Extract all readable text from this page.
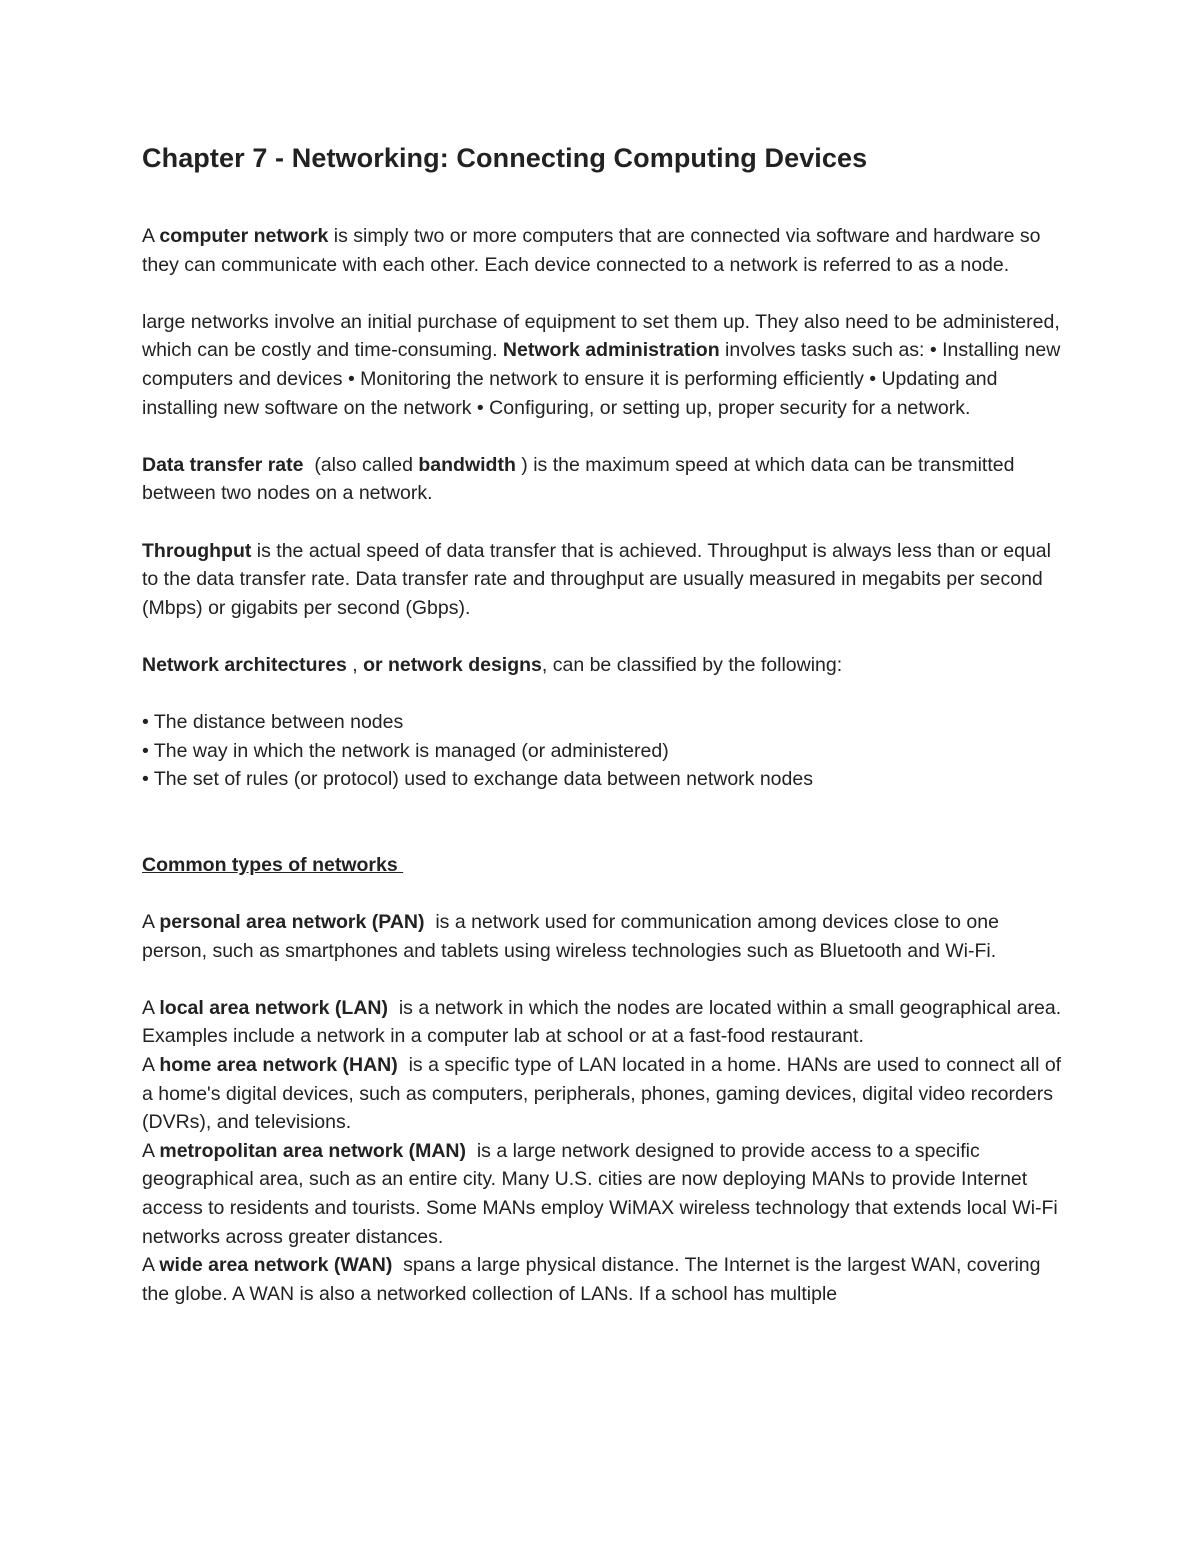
Chapter 7 - Networking: Connecting Computing Devices
A computer network is simply two or more computers that are connected via software and hardware so they can communicate with each other. Each device connected to a network is referred to as a node.
large networks involve an initial purchase of equipment to set them up. They also need to be administered, which can be costly and time-consuming. Network administration involves tasks such as: • Installing new computers and devices • Monitoring the network to ensure it is performing efficiently • Updating and installing new software on the network • Configuring, or setting up, proper security for a network.
Data transfer rate  (also called bandwidth ) is the maximum speed at which data can be transmitted between two nodes on a network.
Throughput is the actual speed of data transfer that is achieved. Throughput is always less than or equal to the data transfer rate. Data transfer rate and throughput are usually measured in megabits per second (Mbps) or gigabits per second (Gbps).
Network architectures , or network designs, can be classified by the following:
• The distance between nodes
• The way in which the network is managed (or administered)
• The set of rules (or protocol) used to exchange data between network nodes
Common types of networks
A personal area network (PAN)  is a network used for communication among devices close to one person, such as smartphones and tablets using wireless technologies such as Bluetooth and Wi-Fi.
A local area network (LAN)  is a network in which the nodes are located within a small geographical area. Examples include a network in a computer lab at school or at a fast-food restaurant.
A home area network (HAN)  is a specific type of LAN located in a home. HANs are used to connect all of a home's digital devices, such as computers, peripherals, phones, gaming devices, digital video recorders (DVRs), and televisions.
A metropolitan area network (MAN)  is a large network designed to provide access to a specific geographical area, such as an entire city. Many U.S. cities are now deploying MANs to provide Internet access to residents and tourists. Some MANs employ WiMAX wireless technology that extends local Wi-Fi networks across greater distances.
A wide area network (WAN)  spans a large physical distance. The Internet is the largest WAN, covering the globe. A WAN is also a networked collection of LANs. If a school has multiple
